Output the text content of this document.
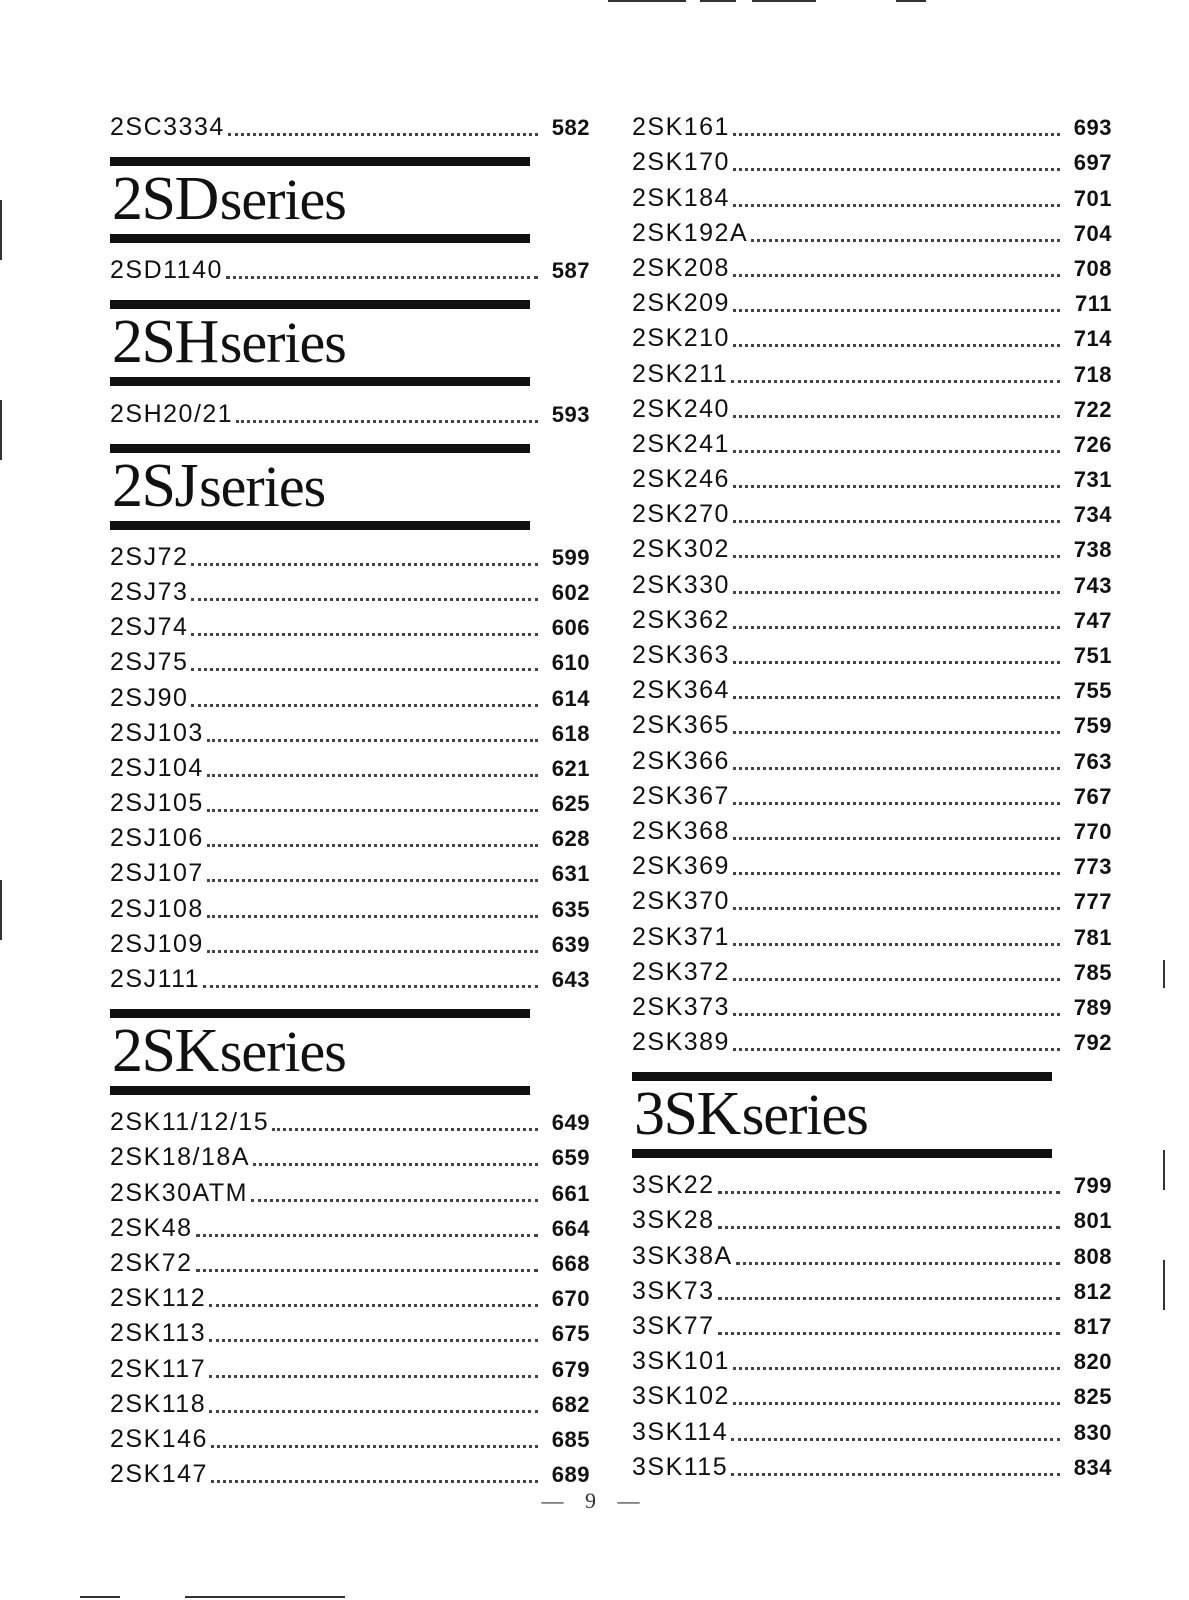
2SC3334	582
2SDseries
2SD1140	587
2SHseries
2SH20/21	593
2SJseries
2SJ72	599
2SJ73	602
2SJ74	606
2SJ75	610
2SJ90	614
2SJ103	618
2SJ104	621
2SJ105	625
2SJ106	628
2SJ107	631
2SJ108	635
2SJ109	639
2SJ111	643
2SKseries
2SK11/12/15	649
2SK18/18A	659
2SK30ATM	661
2SK48	664
2SK72	668
2SK112	670
2SK113	675
2SK117	679
2SK118	682
2SK146	685
2SK147	689
2SK161	693
2SK170	697
2SK184	701
2SK192A	704
2SK208	708
2SK209	711
2SK210	714
2SK211	718
2SK240	722
2SK241	726
2SK246	731
2SK270	734
2SK302	738
2SK330	743
2SK362	747
2SK363	751
2SK364	755
2SK365	759
2SK366	763
2SK367	767
2SK368	770
2SK369	773
2SK370	777
2SK371	781
2SK372	785
2SK373	789
2SK389	792
3SKseries
3SK22	799
3SK28	801
3SK38A	808
3SK73	812
3SK77	817
3SK101	820
3SK102	825
3SK114	830
3SK115	834
— 9 —
